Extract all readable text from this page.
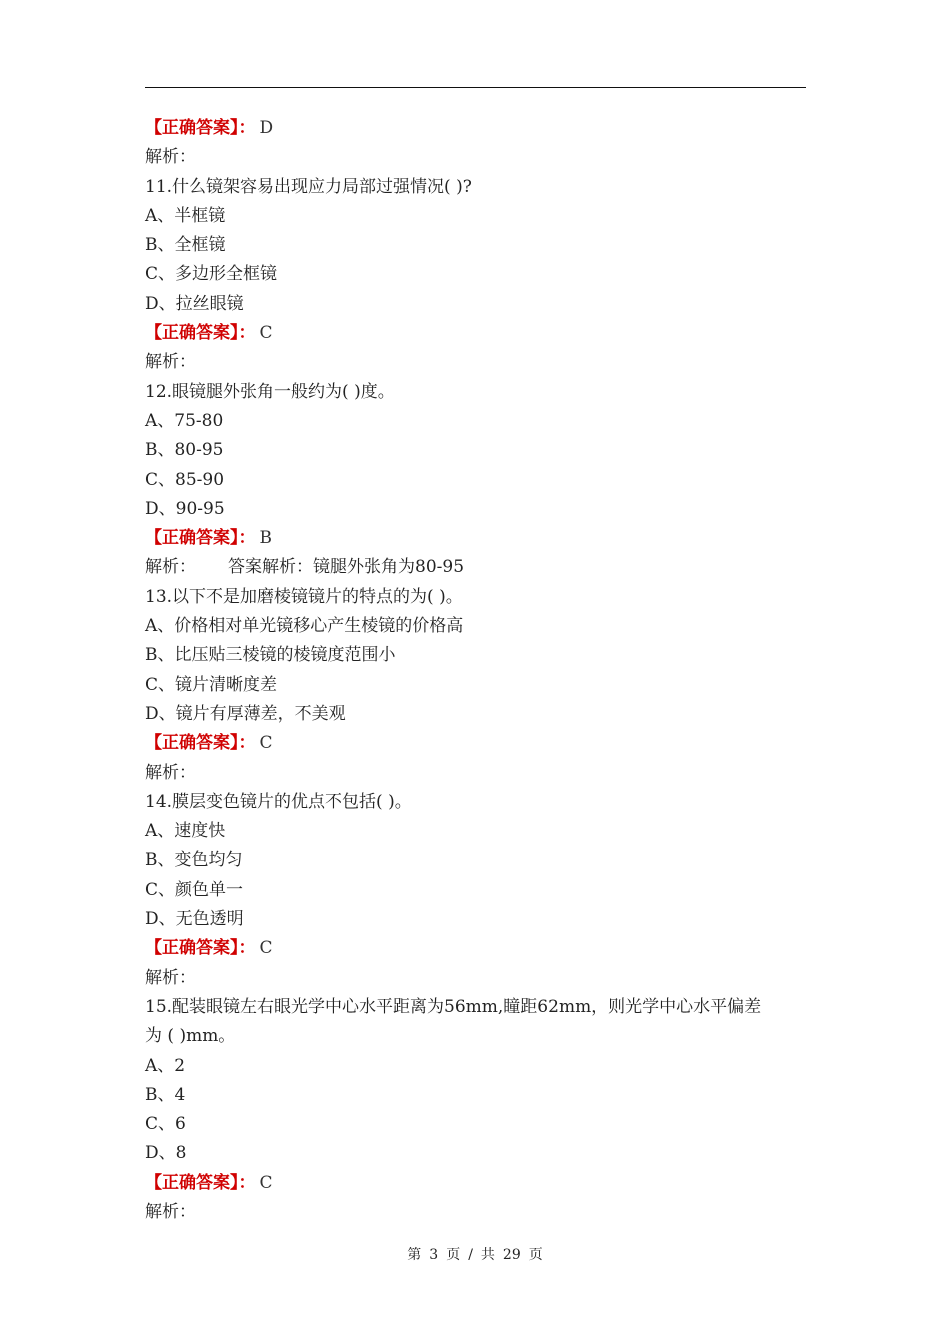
【正确答案】： D
解析：
11.什么镜架容易出现应力局部过强情况( )?
A、半框镜
B、全框镜
C、多边形全框镜
D、拉丝眼镜
【正确答案】： C
解析：
12.眼镜腿外张角一般约为( )度。
A、75-80
B、80-95
C、85-90
D、90-95
【正确答案】： B
解析： 答案解析：镜腿外张角为80-95
13.以下不是加磨棱镜镜片的特点的为( )。
A、价格相对单光镜移心产生棱镜的价格高
B、比压贴三棱镜的棱镜度范围小
C、镜片清晰度差
D、镜片有厚薄差，不美观
【正确答案】： C
解析：
14.膜层变色镜片的优点不包括( )。
A、速度快
B、变色均匀
C、颜色单一
D、无色透明
【正确答案】： C
解析：
15.配装眼镜左右眼光学中心水平距离为56mm,瞳距62mm，则光学中心水平偏差
为 ( )mm。
A、2
B、4
C、6
D、8
【正确答案】： C
解析：
第 3 页 / 共 29 页
